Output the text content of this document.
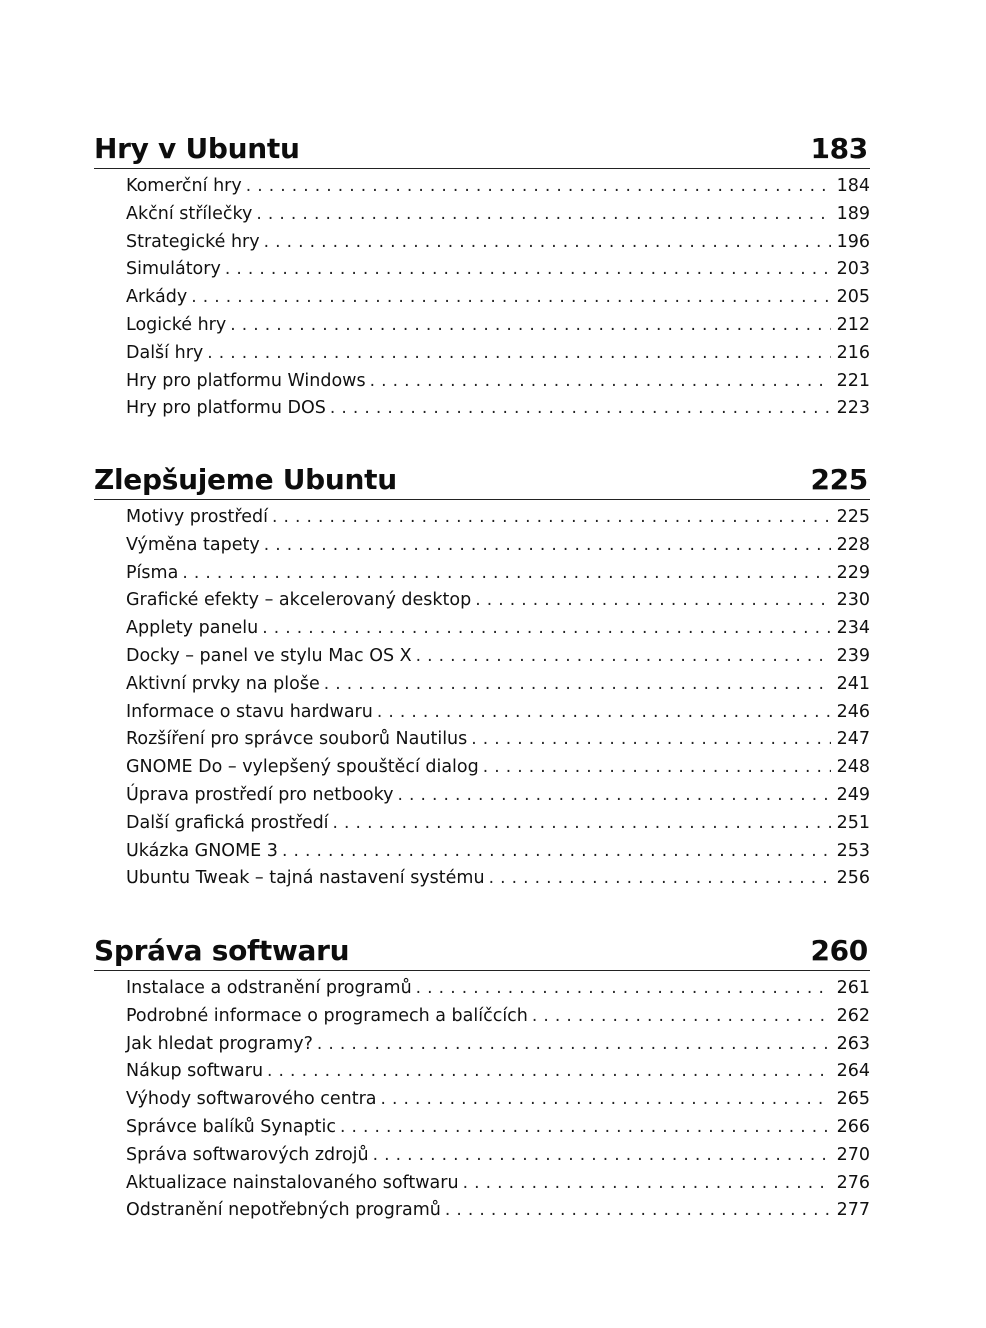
Hry v Ubuntu	183
Komerční hry . . .	184
Akční střílečky . . .	189
Strategické hry . . .	196
Simulátory . . .	203
Arkády . . .	205
Logické hry . . .	212
Další hry . . .	216
Hry pro platformu Windows . . .	221
Hry pro platformu DOS . . .	223
Zlepšujeme Ubuntu	225
Motivy prostředí . . .	225
Výměna tapety . . .	228
Písma . . .	229
Grafické efekty – akcelerovaný desktop . . .	230
Applety panelu . . .	234
Docky – panel ve stylu Mac OS X . . .	239
Aktivní prvky na ploše . . .	241
Informace o stavu hardwaru . . .	246
Rozšíření pro správce souborů Nautilus . . .	247
GNOME Do – vylepšený spouštěcí dialog . . .	248
Úprava prostředí pro netbooky . . .	249
Další grafická prostředí . . .	251
Ukázka GNOME 3 . . .	253
Ubuntu Tweak – tajná nastavení systému . . .	256
Správa softwaru	260
Instalace a odstranění programů . . .	261
Podrobné informace o programech a balíčcích . . .	262
Jak hledat programy? . . .	263
Nákup softwaru . . .	264
Výhody softwarového centra . . .	265
Správce balíků Synaptic . . .	266
Správa softwarových zdrojů . . .	270
Aktualizace nainstalovaného softwaru . . .	276
Odstranění nepotřebných programů . . .	277
